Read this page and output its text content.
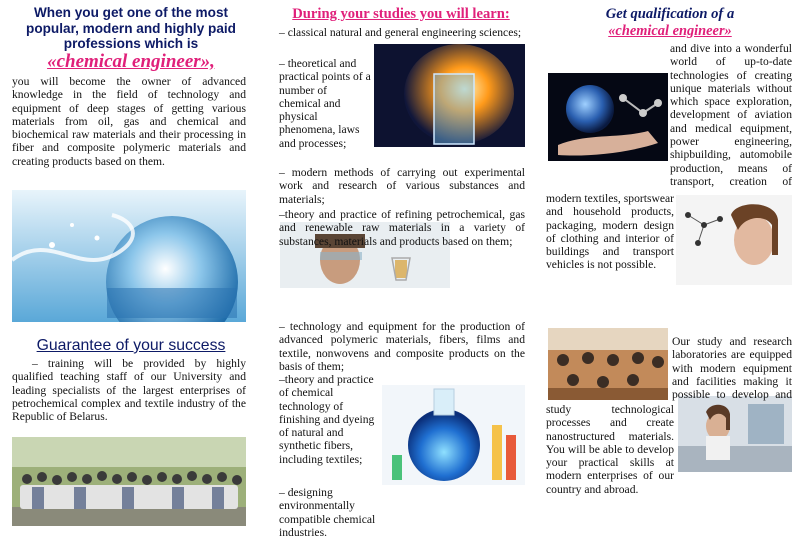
When you get one of the most popular, modern and highly paid professions which is
«chemical engineer»,

you will become the owner of advanced knowledge in the field of technology and equipment of deep stages of getting various materials from oil, gas and chemical and biochemical raw materials and their processing in fiber and composite polymeric materials and creating products based on them.

Guarantee of your success

– training will be provided by highly qualified teaching staff of our University and leading specialists of the largest enterprises of petrochemical complex and textile industry of the Republic of Belarus.

During your studies you will learn:

– classical natural and general engineering sciences;

– theoretical and practical points of a number of chemical and physical phenomena, laws and processes;

– modern methods of carrying out experimental work and research of various substances and materials;

–theory and practice of refining petrochemical, gas and renewable raw materials in a variety of substances, materials and products based on them;

– technology and equipment for the production of advanced polymeric materials, fibers, films and textile, nonwovens and composite products on the basis of them;

–theory and practice of chemical technology of finishing and dyeing of natural and synthetic fibers, including textiles;

– designing environmentally compatible chemical industries.

Get qualification of a
«chemical engineer»
and dive into a wonderful world of up-to-date technologies of creating unique materials without which space exploration, development of aviation and medical equipment, power engineering, shipbuilding, automobile production, means of transport, creation of modern textiles, sportswear and household products, packaging, modern design of clothing and interior of buildings and transport vehicles is not possible.
Our study and research laboratories are equipped with modern equipment and facilities making it possible to develop and study technological processes and create nanostructured materials. You will be able to develop your practical skills at modern enterprises of our country and abroad.
